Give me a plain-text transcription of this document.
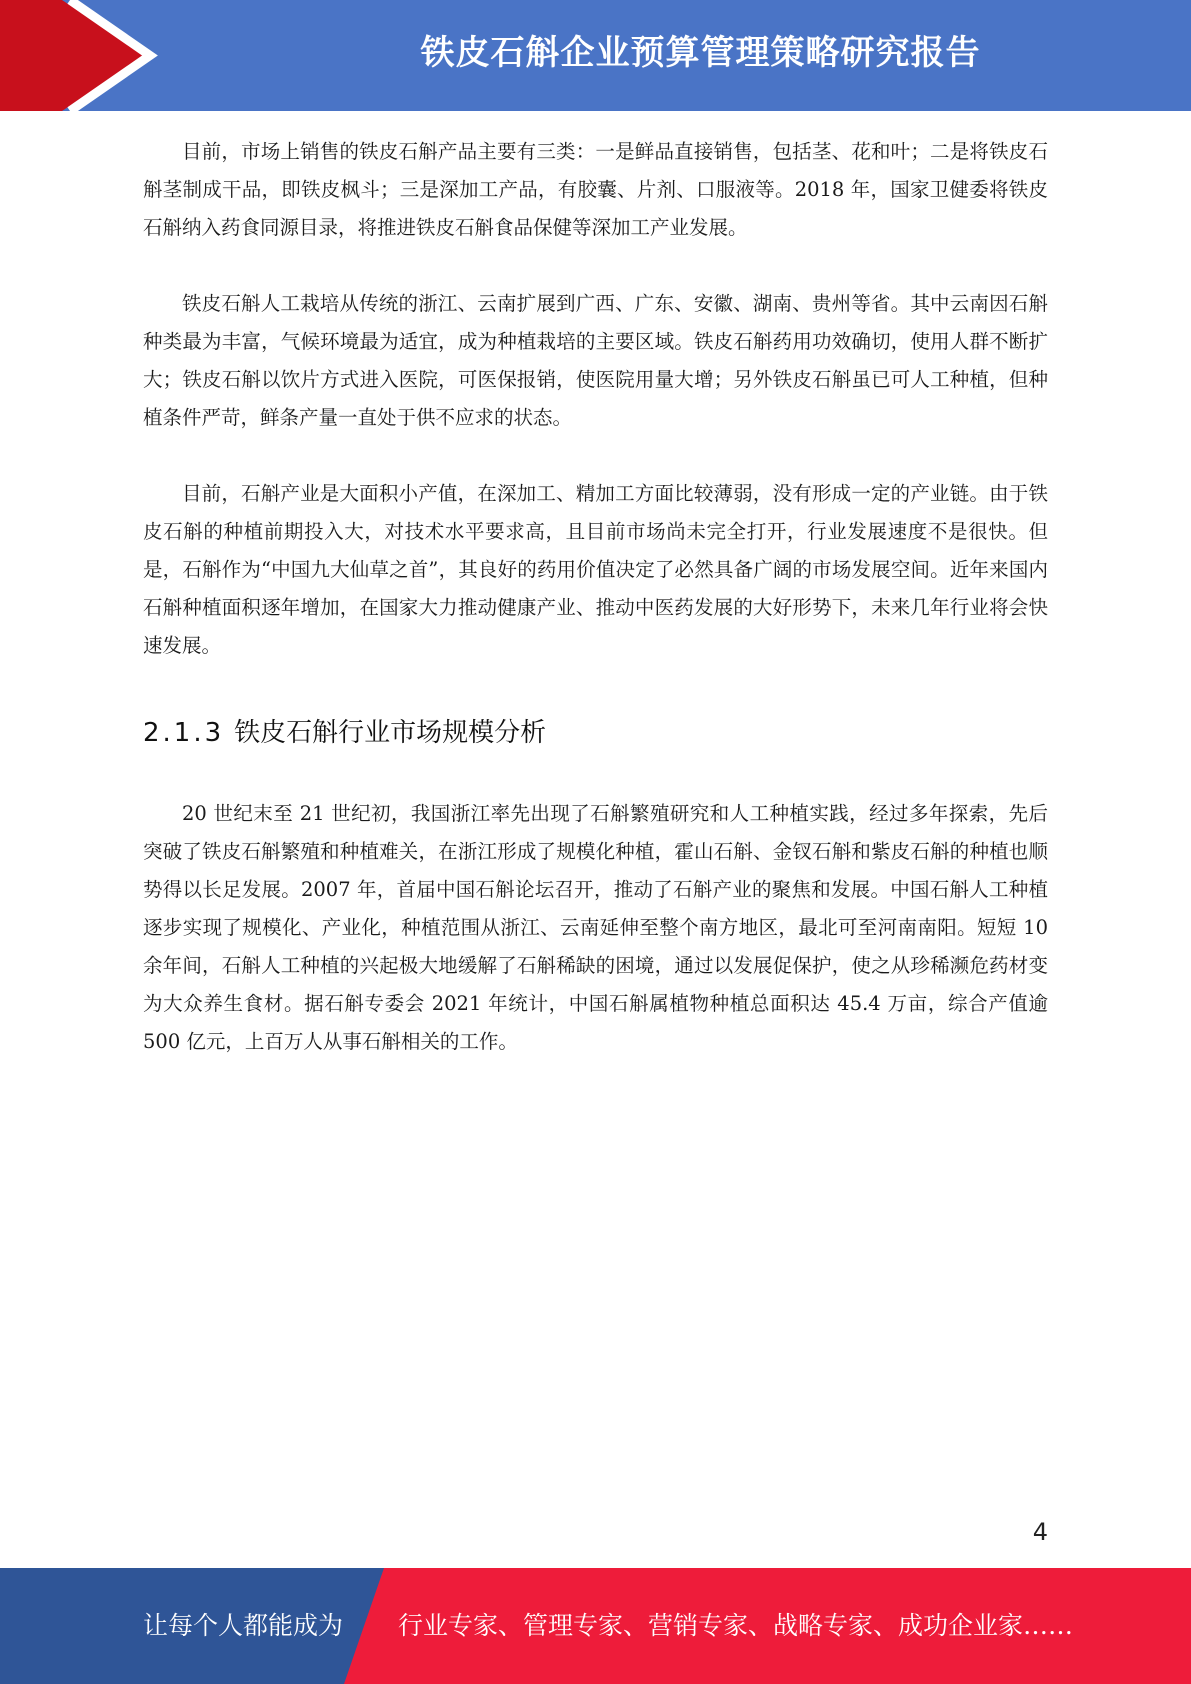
铁皮石斛企业预算管理策略研究报告

目前，市场上销售的铁皮石斛产品主要有三类：一是鲜品直接销售，包括茎、花和叶；二是将铁皮石斛茎制成干品，即铁皮枫斗；三是深加工产品，有胶囊、片剂、口服液等。2018 年，国家卫健委将铁皮石斛纳入药食同源目录，将推进铁皮石斛食品保健等深加工产业发展。

铁皮石斛人工栽培从传统的浙江、云南扩展到广西、广东、安徽、湖南、贵州等省。其中云南因石斛种类最为丰富，气候环境最为适宜，成为种植栽培的主要区域。铁皮石斛药用功效确切，使用人群不断扩大；铁皮石斛以饮片方式进入医院，可医保报销，使医院用量大增；另外铁皮石斛虽已可人工种植，但种植条件严苛，鲜条产量一直处于供不应求的状态。

目前，石斛产业是大面积小产值，在深加工、精加工方面比较薄弱，没有形成一定的产业链。由于铁皮石斛的种植前期投入大，对技术水平要求高，且目前市场尚未完全打开，行业发展速度不是很快。但是，石斛作为“中国九大仙草之首”，其良好的药用价值决定了必然具备广阔的市场发展空间。近年来国内石斛种植面积逐年增加，在国家大力推动健康产业、推动中医药发展的大好形势下，未来几年行业将会快速发展。

2.1.3 铁皮石斛行业市场规模分析

20 世纪末至 21 世纪初，我国浙江率先出现了石斛繁殖研究和人工种植实践，经过多年探索，先后突破了铁皮石斛繁殖和种植难关，在浙江形成了规模化种植，霍山石斛、金钗石斛和紫皮石斛的种植也顺势得以长足发展。2007 年，首届中国石斛论坛召开，推动了石斛产业的聚焦和发展。中国石斛人工种植逐步实现了规模化、产业化，种植范围从浙江、云南延伸至整个南方地区，最北可至河南南阳。短短 10 余年间，石斛人工种植的兴起极大地缓解了石斛稀缺的困境，通过以发展促保护，使之从珍稀濒危药材变为大众养生食材。据石斛专委会 2021 年统计，中国石斛属植物种植总面积达 45.4 万亩，综合产值逾 500 亿元，上百万人从事石斛相关的工作。

4
让每个人都能成为 行业专家、管理专家、营销专家、战略专家、成功企业家……
